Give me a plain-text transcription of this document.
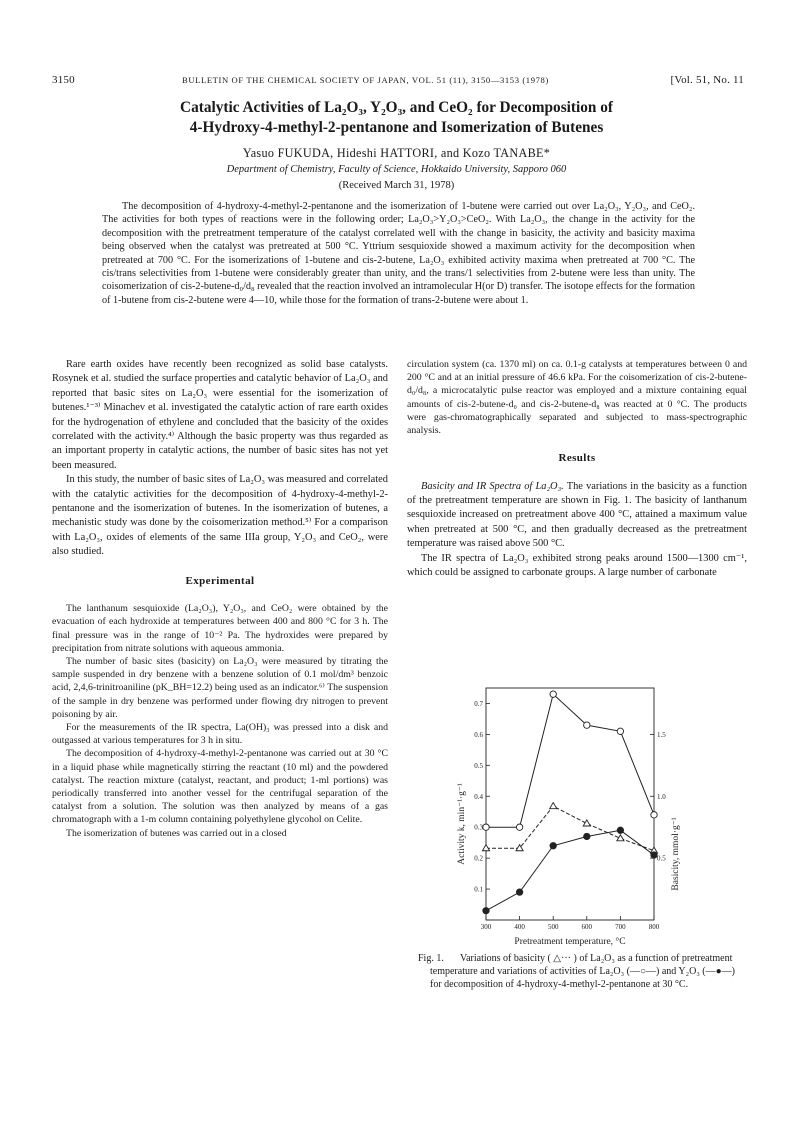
3150	BULLETIN OF THE CHEMICAL SOCIETY OF JAPAN, VOL. 51 (11), 3150—3153 (1978)	[Vol. 51, No. 11
Catalytic Activities of La₂O₃, Y₂O₃, and CeO₂ for Decomposition of
4-Hydroxy-4-methyl-2-pentanone and Isomerization of Butenes
Yasuo FUKUDA, Hideshi HATTORI, and Kozo TANABE*
Department of Chemistry, Faculty of Science, Hokkaido University, Sapporo 060
(Received March 31, 1978)

The decomposition of 4-hydroxy-4-methyl-2-pentanone and the isomerization of 1-butene were carried out over La₂O₃, Y₂O₃, and CeO₂. The activities for both types of reactions were in the following order; La₂O₃>Y₂O₃>CeO₂. With La₂O₃, the change in the activity for the decomposition with the pretreatment temperature of the catalyst correlated well with the change in basicity, the activity and basicity maxima being observed when the catalyst was pretreated at 500 °C. Yttrium sesquioxide showed a maximum activity for the decomposition when pretreated at 700 °C. For the isomerizations of 1-butene and cis-2-butene, La₂O₃ exhibited activity maxima when pretreated at 700 °C. The cis/trans selectivities from 1-butene were considerably greater than unity, and the trans/1 selectivities from 2-butene were less than unity. The coisomerization of cis-2-butene-d₀/d₈ revealed that the reaction involved an intramolecular H(or D) transfer. The isotope effects for the formation of 1-butene from cis-2-butene were 4—10, while those for the formation of trans-2-butene were about 1.

Rare earth oxides have recently been recognized as solid base catalysts. Rosynek et al. studied the surface properties and catalytic behavior of La₂O₃ and reported that basic sites on La₂O₃ were essential for the isomerization of butenes.¹⁻³⁾ Minachev et al. investigated the catalytic action of rare earth oxides for the hydrogenation of ethylene and concluded that the basicity of the oxides correlated with the activity.⁴⁾ Although the basic property was thus regarded as an important property in catalytic actions, the number of basic sites has not yet been measured.

In this study, the number of basic sites of La₂O₃ was measured and correlated with the catalytic activities for the decomposition of 4-hydroxy-4-methyl-2-pentanone and the isomerization of butenes. In the isomerization of butenes, a mechanistic study was done by the coisomerization method.⁵⁾ For a comparison with La₂O₃, oxides of elements of the same IIIa group, Y₂O₃ and CeO₂, were also studied.

Experimental

The lanthanum sesquioxide (La₂O₃), Y₂O₃, and CeO₂ were obtained by the evacuation of each hydroxide at temperatures between 400 and 800 °C for 3 h. The final pressure was in the range of 10⁻² Pa. The hydroxides were prepared by precipitation from nitrate solutions with aqueous ammonia.

The number of basic sites (basicity) on La₂O₃ were measured by titrating the sample suspended in dry benzene with a benzene solution of 0.1 mol/dm³ benzoic acid, 2,4,6-trinitroaniline (pK_BH=12.2) being used as an indicator.⁶⁾ The suspension of the sample in dry benzene was performed under flowing dry nitrogen to prevent poisoning by air.

For the measurements of the IR spectra, La(OH)₃ was pressed into a disk and outgassed at various temperatures for 3 h in situ.

The decomposition of 4-hydroxy-4-methyl-2-pentanone was carried out at 30 °C in a liquid phase while magnetically stirring the reactant (10 ml) and the powdered catalyst. The reaction mixture (catalyst, reactant, and product; 1-ml portions) was periodically transferred into another vessel for the centrifugal separation of the catalyst from a solution. The solution was then analyzed by means of a gas chromatograph with a 1-m column containing polyethylene glycohol on Celite.

The isomerization of butenes was carried out in a closed

circulation system (ca. 1370 ml) on ca. 0.1-g catalysts at temperatures between 0 and 200 °C and at an initial pressure of 46.6 kPa. For the coisomerization of cis-2-butene-d₀/d₈, a microcatalytic pulse reactor was employed and a mixture containing equal amounts of cis-2-butene-d₀ and cis-2-butene-d₈ was reacted at 0 °C. The products were gas-chromatographically separated and subjected to mass-spectrographic analysis.

Results

Basicity and IR Spectra of La₂O₃. The variations in the basicity as a function of the pretreatment temperature are shown in Fig. 1. The basicity of lanthanum sesquioxide increased on pretreatment above 400 °C, attained a maximum value when pretreated at 500 °C, and then gradually decreased as the pretreatment temperature was raised above 500 °C.

The IR spectra of La₂O₃ exhibited strong peaks around 1500—1300 cm⁻¹, which could be assigned to carbonate groups. A large number of carbonate

300	400	500	600	700	800
0.1
0.2
0.3
0.4
0.5
0.6
0.7
0.5
1.0
1.5
Pretreatment temperature, °C
Activity k, min⁻¹·g⁻¹	Basicity, mmol·g⁻¹
Fig. 1.	Variations of basicity ( △··· ) of La₂O₃ as a function of pretreatment temperature and variations of activities of La₂O₃ (—○—) and Y₂O₃ (—●—) for decomposition of 4-hydroxy-4-methyl-2-pentanone at 30 °C.
